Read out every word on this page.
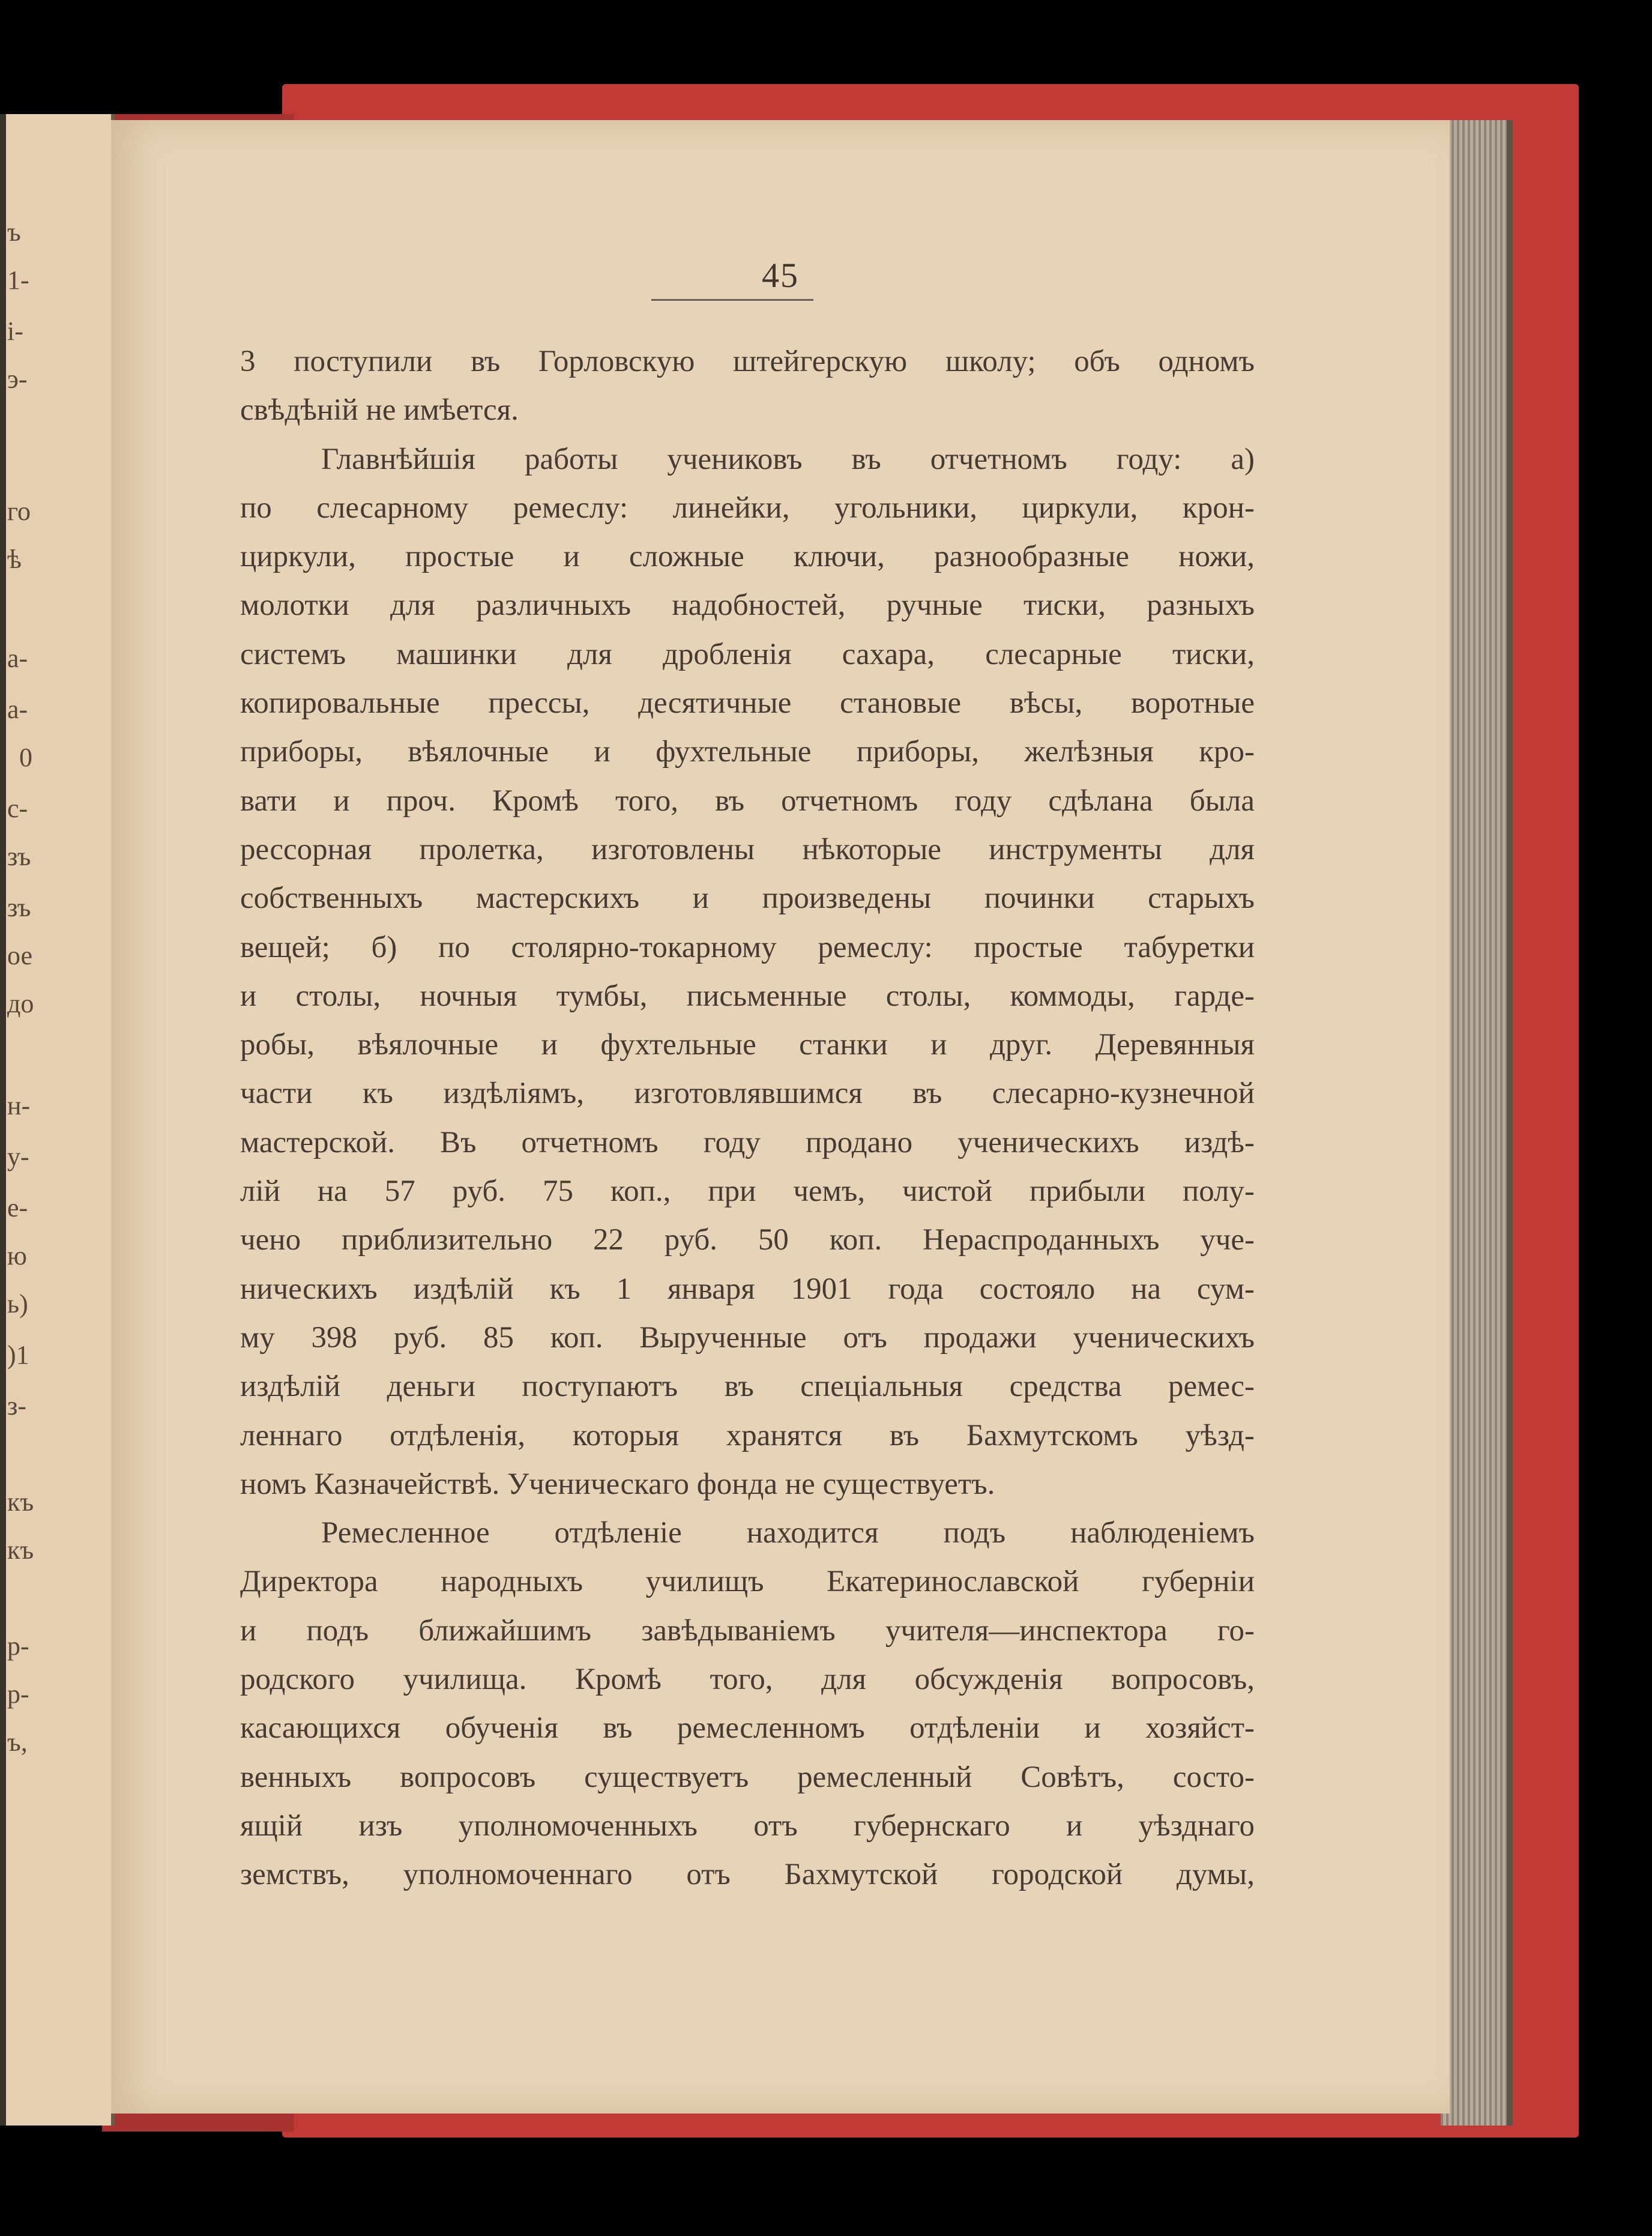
ъ
1-
i-
э-
го
ѣ
а-
а-
0
с-
зъ
зъ
ое
до
н-
у-
е-
ю
ь)
)1
з-
къ
къ
р-
р-
ъ,
45
3 поступили въ Горловскую штейгерскую школу; объ одномъ
свѣдѣній не имѣется.
Главнѣйшія работы учениковъ въ отчетномъ году: а)
по слесарному ремеслу: линейки, угольники, циркули, крон-
циркули, простые и сложные ключи, разнообразные ножи,
молотки для различныхъ надобностей, ручные тиски, разныхъ
системъ машинки для дробленія сахара, слесарные тиски,
копировальные прессы, десятичные становые вѣсы, воротные
приборы, вѣялочные и фухтельные приборы, желѣзныя кро-
вати и проч. Кромѣ того, въ отчетномъ году сдѣлана была
рессорная пролетка, изготовлены нѣкоторые инструменты для
собственныхъ мастерскихъ и произведены починки старыхъ
вещей; б) по столярно-токарному ремеслу: простые табуретки
и столы, ночныя тумбы, письменные столы, коммоды, гарде-
робы, вѣялочные и фухтельные станки и друг. Деревянныя
части къ издѣліямъ, изготовлявшимся въ слесарно-кузнечной
мастерской. Въ отчетномъ году продано ученическихъ издѣ-
лій на 57 руб. 75 коп., при чемъ, чистой прибыли полу-
чено приблизительно 22 руб. 50 коп. Нераспроданныхъ уче-
ническихъ издѣлій къ 1 января 1901 года состояло на сум-
му 398 руб. 85 коп. Вырученные отъ продажи ученическихъ
издѣлій деньги поступаютъ въ спеціальныя средства ремес-
леннаго отдѣленія, которыя хранятся въ Бахмутскомъ уѣзд-
номъ Казначействѣ. Ученическаго фонда не существуетъ.
Ремесленное отдѣленіе находится подъ наблюденіемъ
Директора народныхъ училищъ Екатеринославской губерніи
и подъ ближайшимъ завѣдываніемъ учителя—инспектора го-
родского училища. Кромѣ того, для обсужденія вопросовъ,
касающихся обученія въ ремесленномъ отдѣленіи и хозяйст-
венныхъ вопросовъ существуетъ ремесленный Совѣтъ, состо-
ящій изъ уполномоченныхъ отъ губернскаго и уѣзднаго
земствъ, уполномоченнаго отъ Бахмутской городской думы,
